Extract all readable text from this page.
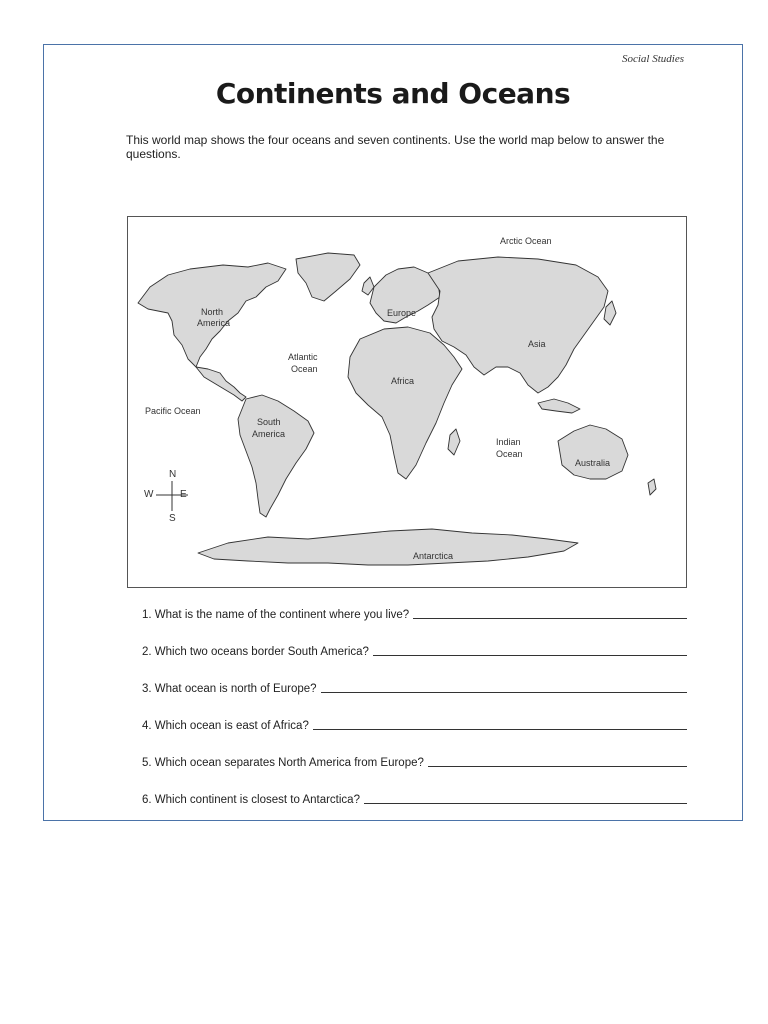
Social Studies
Continents and Oceans
This world map shows the four oceans and seven continents. Use the world map below to answer the questions.
Arctic Ocean
North
America
Europe
Asia
Atlantic
Ocean
Africa
Pacific Ocean
South
America
Indian
Ocean
Australia
Antarctica
N
S
W	E
1. What is the name of the continent where you live?
2. Which two oceans border South America?
3. What ocean is north of Europe?
4. Which ocean is east of Africa?
5. Which ocean separates North America from Europe?
6. Which continent is closest to Antarctica?
